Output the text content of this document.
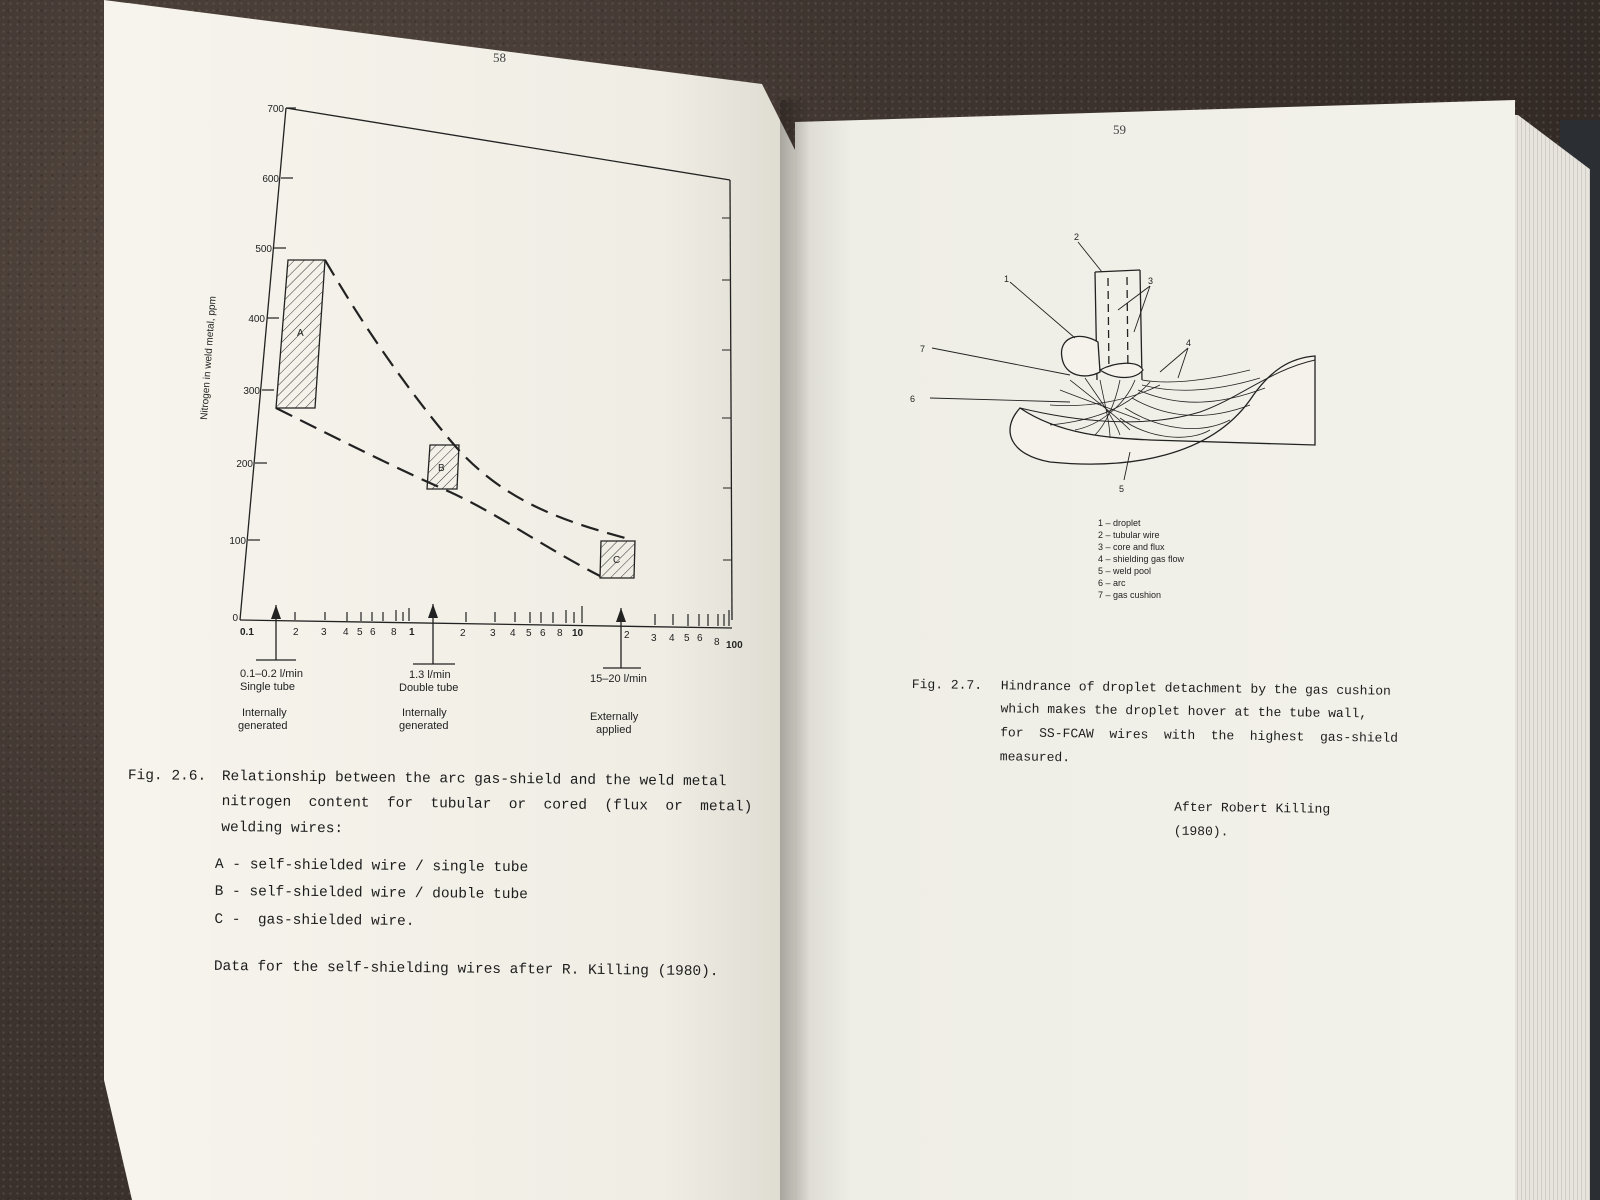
58
700
600
500
400
300
200
100
0
Nitrogen in weld metal, ppm	A
B
C
0.1	2 3 4 5 6 8 1	2 3 4 5 6 8 10	2 3 4 5 6 8 100
0.1–0.2 l/min
Single tube
Internally
generated
1.3 l/min
Double tube
Internally
generated
15–20 l/min
Externally
applied
Fig. 2.6. Relationship between the arc gas-shield and the weld metal
nitrogen  content  for  tubular  or  cored  (flux  or  metal)
welding wires:
A - self-shielded wire / single tube
B - self-shielded wire / double tube
C -  gas-shielded wire.
Data for the self-shielding wires after R. Killing (1980).
59
1
2
3
4
5
6
7
1 – droplet
2 – tubular wire
3 – core and flux
4 – shielding gas flow
5 – weld pool
6 – arc
7 – gas cushion
Fig. 2.7. Hindrance of droplet detachment by the gas cushion
which makes the droplet hover at the tube wall,
for  SS-FCAW  wires  with  the  highest  gas-shield
measured.
After Robert Killing (1980).
